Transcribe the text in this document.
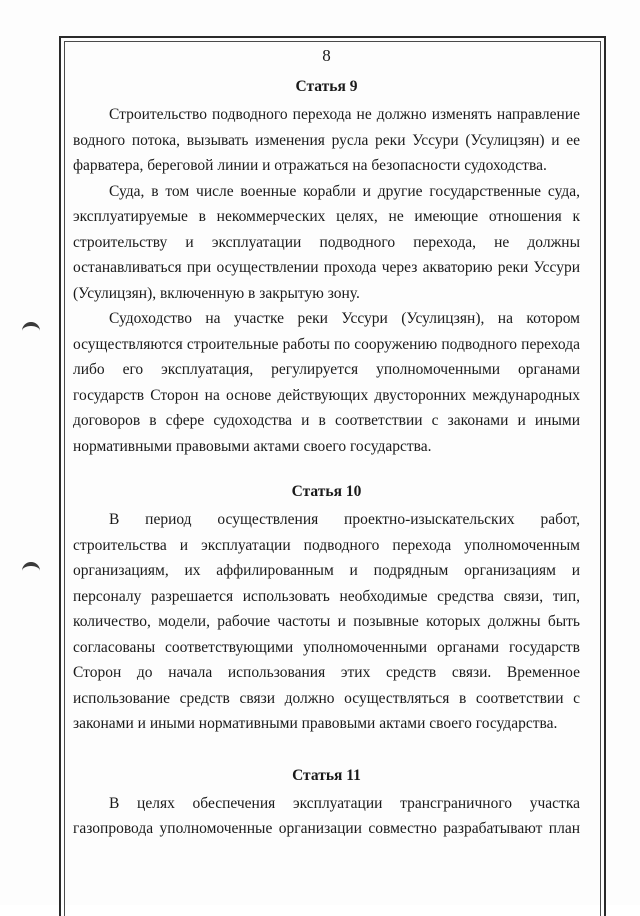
8
Статья 9

Строительство подводного перехода не должно изменять направление водного потока, вызывать изменения русла реки Уссури (Усулицзян) и ее фарватера, береговой линии и отражаться на безопасности судоходства.

Суда, в том числе военные корабли и другие государственные суда, эксплуатируемые в некоммерческих целях, не имеющие отношения к строительству и эксплуатации подводного перехода, не должны останавливаться при осуществлении прохода через акваторию реки Уссури (Усулицзян), включенную в закрытую зону.

Судоходство на участке реки Уссури (Усулицзян), на котором осуществляются строительные работы по сооружению подводного перехода либо его эксплуатация, регулируется уполномоченными органами государств Сторон на основе действующих двусторонних международных договоров в сфере судоходства и в соответствии с законами и иными нормативными правовыми актами своего государства.

Статья 10

В период осуществления проектно-изыскательских работ, строительства и эксплуатации подводного перехода уполномоченным организациям, их аффилированным и подрядным организациям и персоналу разрешается использовать необходимые средства связи, тип, количество, модели, рабочие частоты и позывные которых должны быть согласованы соответствующими уполномоченными органами государств Сторон до начала использования этих средств связи. Временное использование средств связи должно осуществляться в соответствии с законами и иными нормативными правовыми актами своего государства.

Статья 11

В целях обеспечения эксплуатации трансграничного участка газопровода уполномоченные организации совместно разрабатывают план
